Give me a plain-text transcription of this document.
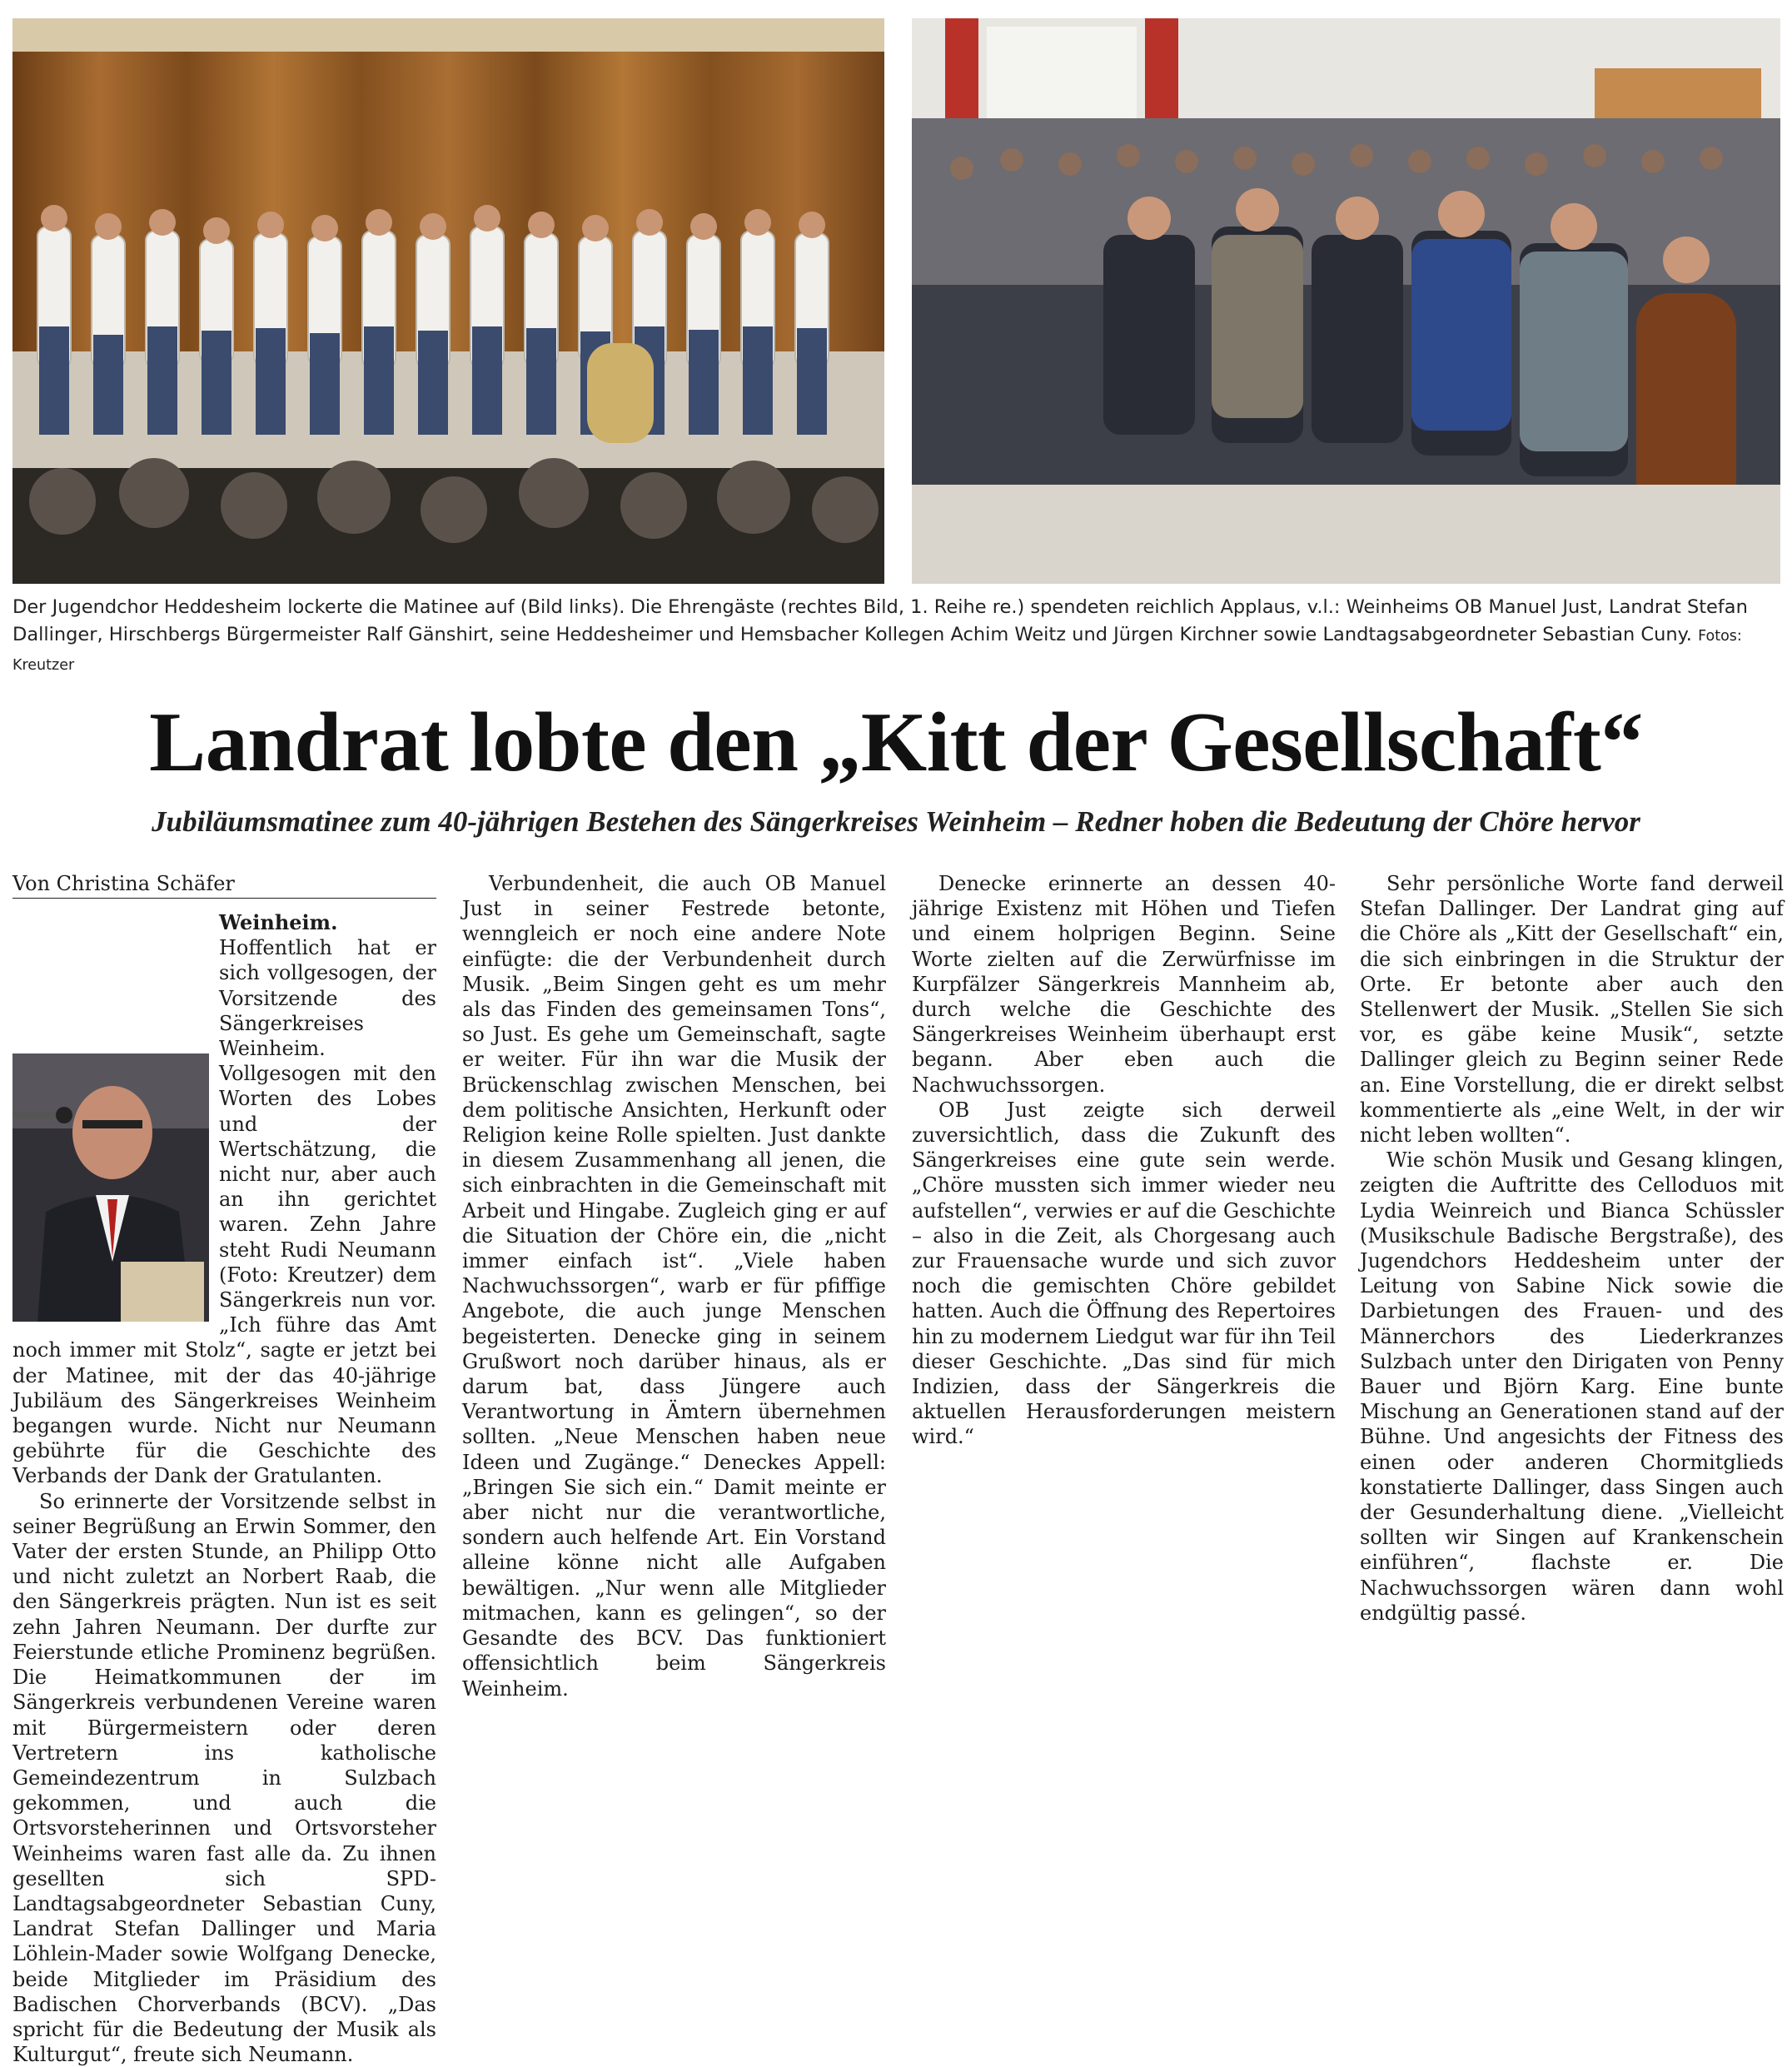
Der Jugendchor Heddesheim lockerte die Matinee auf (Bild links). Die Ehrengäste (rechtes Bild, 1. Reihe re.) spendeten reichlich Applaus, v.l.: Weinheims OB Manuel Just, Landrat Stefan Dallinger, Hirschbergs Bürgermeister Ralf Gänshirt, seine Heddesheimer und Hemsbacher Kollegen Achim Weitz und Jürgen Kirchner sowie Landtagsabgeordneter Sebastian Cuny. Fotos: Kreutzer
Landrat lobte den „Kitt der Gesellschaft“
Jubiläumsmatinee zum 40-jährigen Bestehen des Sängerkreises Weinheim – Redner hoben die Bedeutung der Chöre hervor
Von Christina Schäfer

Weinheim. Hoffentlich hat er sich vollgesogen, der Vorsitzende des Sängerkreises Weinheim. Vollgesogen mit den Worten des Lobes und der Wertschätzung, die nicht nur, aber auch an ihn gerichtet waren. Zehn Jahre steht Rudi Neumann (Foto: Kreutzer) dem Sängerkreis nun vor. „Ich führe das Amt noch immer mit Stolz“, sagte er jetzt bei der Matinee, mit der das 40-jährige Jubiläum des Sängerkreises Weinheim begangen wurde. Nicht nur Neumann gebührte für die Geschichte des Verbands der Dank der Gratulanten.

So erinnerte der Vorsitzende selbst in seiner Begrüßung an Erwin Sommer, den Vater der ersten Stunde, an Philipp Otto und nicht zuletzt an Norbert Raab, die den Sängerkreis prägten. Nun ist es seit zehn Jahren Neumann. Der durfte zur Feierstunde etliche Prominenz begrüßen. Die Heimatkommunen der im Sängerkreis verbundenen Vereine waren mit Bürgermeistern oder deren Vertretern ins katholische Gemeindezentrum in Sulzbach gekommen, und auch die Ortsvorsteherinnen und Ortsvorsteher Weinheims waren fast alle da. Zu ihnen gesellten sich SPD-Landtagsabgeordneter Sebastian Cuny, Landrat Stefan Dallinger und Maria Löhlein-Mader sowie Wolfgang Denecke, beide Mitglieder im Präsidium des Badischen Chorverbands (BCV). „Das spricht für die Bedeutung der Musik als Kulturgut“, freute sich Neumann.

Verbundenheit, die auch OB Manuel Just in seiner Festrede betonte, wenngleich er noch eine andere Note einfügte: die der Verbundenheit durch Musik. „Beim Singen geht es um mehr als das Finden des gemeinsamen Tons“, so Just. Es gehe um Gemeinschaft, sagte er weiter. Für ihn war die Musik der Brückenschlag zwischen Menschen, bei dem politische Ansichten, Herkunft oder Religion keine Rolle spielten. Just dankte in diesem Zusammenhang all jenen, die sich einbrachten in die Gemeinschaft mit Arbeit und Hingabe. Zugleich ging er auf die Situation der Chöre ein, die „nicht immer einfach ist“. „Viele haben Nachwuchssorgen“, warb er für pfiffige Angebote, die auch junge Menschen begeisterten. Denecke ging in seinem Grußwort noch darüber hinaus, als er darum bat, dass Jüngere auch Verantwortung in Ämtern übernehmen sollten. „Neue Menschen haben neue Ideen und Zugänge.“ Deneckes Appell: „Bringen Sie sich ein.“ Damit meinte er aber nicht nur die verantwortliche, sondern auch helfende Art. Ein Vorstand alleine könne nicht alle Aufgaben bewältigen. „Nur wenn alle Mitglieder mitmachen, kann es gelingen“, so der Gesandte des BCV. Das funktioniert offensichtlich beim Sängerkreis Weinheim.

Denecke erinnerte an dessen 40-jährige Existenz mit Höhen und Tiefen und einem holprigen Beginn. Seine Worte zielten auf die Zerwürfnisse im Kurpfälzer Sängerkreis Mannheim ab, durch welche die Geschichte des Sängerkreises Weinheim überhaupt erst begann. Aber eben auch die Nachwuchssorgen.

OB Just zeigte sich derweil zuversichtlich, dass die Zukunft des Sängerkreises eine gute sein werde. „Chöre mussten sich immer wieder neu aufstellen“, verwies er auf die Geschichte – also in die Zeit, als Chorgesang auch zur Frauensache wurde und sich zuvor noch die gemischten Chöre gebildet hatten. Auch die Öffnung des Repertoires hin zu modernem Liedgut war für ihn Teil dieser Geschichte. „Das sind für mich Indizien, dass der Sängerkreis die aktuellen Herausforderungen meistern wird.“

Sehr persönliche Worte fand derweil Stefan Dallinger. Der Landrat ging auf die Chöre als „Kitt der Gesellschaft“ ein, die sich einbringen in die Struktur der Orte. Er betonte aber auch den Stellenwert der Musik. „Stellen Sie sich vor, es gäbe keine Musik“, setzte Dallinger gleich zu Beginn seiner Rede an. Eine Vorstellung, die er direkt selbst kommentierte als „eine Welt, in der wir nicht leben wollten“.

Wie schön Musik und Gesang klingen, zeigten die Auftritte des Celloduos mit Lydia Weinreich und Bianca Schüssler (Musikschule Badische Bergstraße), des Jugendchors Heddesheim unter der Leitung von Sabine Nick sowie die Darbietungen des Frauen- und des Männerchors des Liederkranzes Sulzbach unter den Dirigaten von Penny Bauer und Björn Karg. Eine bunte Mischung an Generationen stand auf der Bühne. Und angesichts der Fitness des einen oder anderen Chormitglieds konstatierte Dallinger, dass Singen auch der Gesunderhaltung diene. „Vielleicht sollten wir Singen auf Krankenschein einführen“, flachste er. Die Nachwuchssorgen wären dann wohl endgültig passé.
